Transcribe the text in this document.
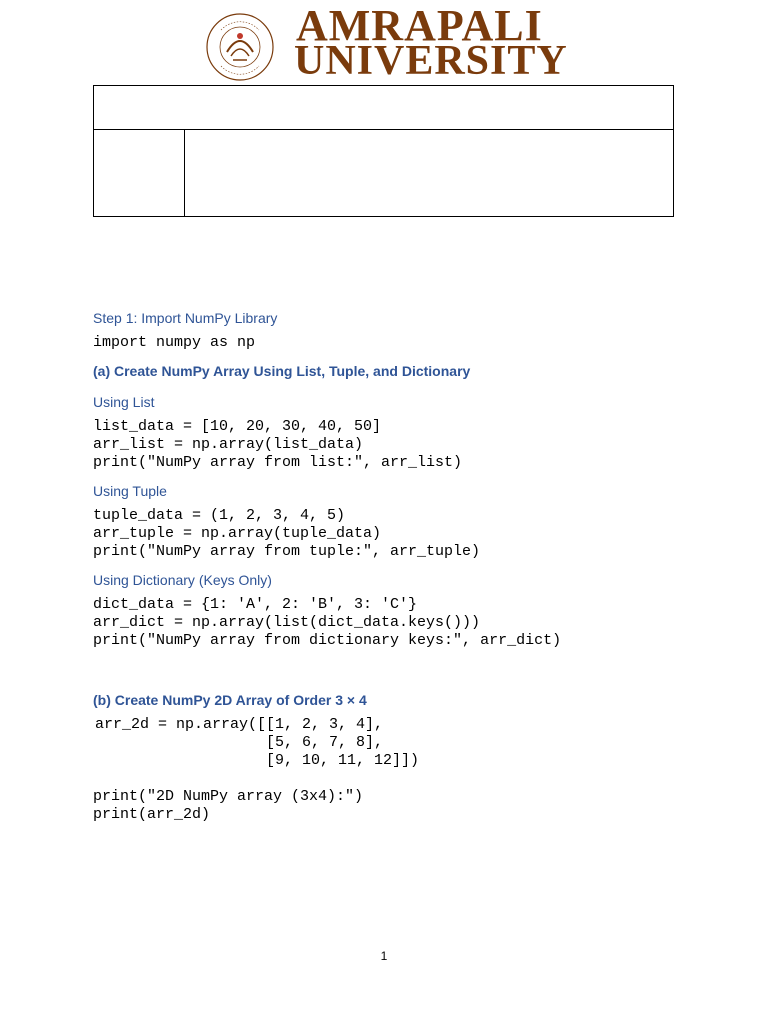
AMRAPALI
UNIVERSITY
Step 1: Import NumPy Library
import numpy as np
(a) Create NumPy Array Using List, Tuple, and Dictionary
Using List
list_data = [10, 20, 30, 40, 50]
arr_list = np.array(list_data)
print("NumPy array from list:", arr_list)
Using Tuple
tuple_data = (1, 2, 3, 4, 5)
arr_tuple = np.array(tuple_data)
print("NumPy array from tuple:", arr_tuple)
Using Dictionary (Keys Only)
dict_data = {1: 'A', 2: 'B', 3: 'C'}
arr_dict = np.array(list(dict_data.keys()))
print("NumPy array from dictionary keys:", arr_dict)
(b) Create NumPy 2D Array of Order 3 × 4
arr_2d = np.array([[1, 2, 3, 4],
[5, 6, 7, 8],
[9, 10, 11, 12]])
print("2D NumPy array (3x4):")
print(arr_2d)
1
